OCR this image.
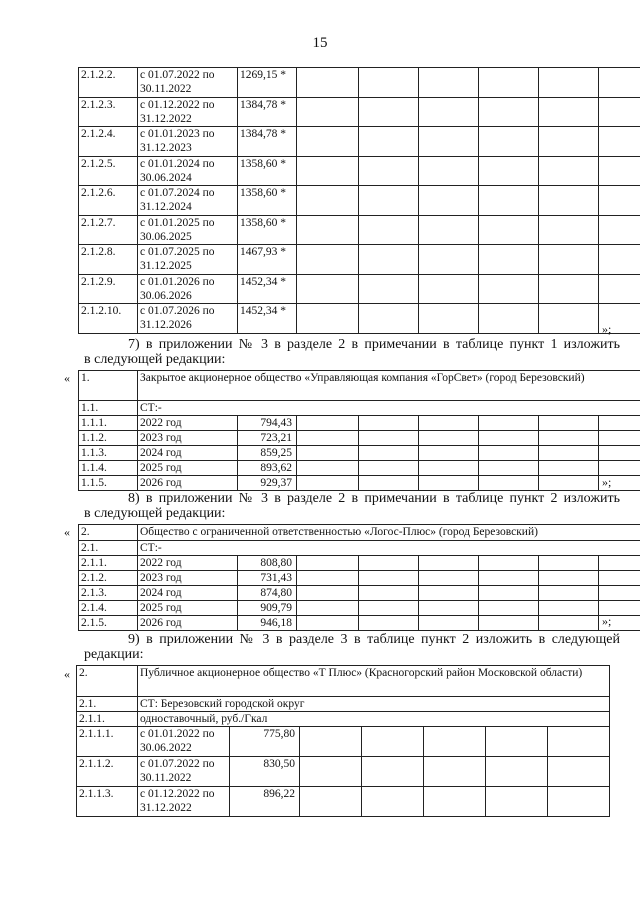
15
2.1.2.2.	с 01.07.2022 по 30.11.2022	1269,15 *						
2.1.2.3.	с 01.12.2022 по 31.12.2022	1384,78 *						
2.1.2.4.	с 01.01.2023 по 31.12.2023	1384,78 *						
2.1.2.5.	с 01.01.2024 по 30.06.2024	1358,60 *						
2.1.2.6.	с 01.07.2024 по 31.12.2024	1358,60 *						
2.1.2.7.	с 01.01.2025 по 30.06.2025	1358,60 *						
2.1.2.8.	с 01.07.2025 по 31.12.2025	1467,93 *						
2.1.2.9.	с 01.01.2026 по 30.06.2026	1452,34 *						
2.1.2.10.	с 01.07.2026 по 31.12.2026	1452,34 *						
»;
7) в приложении № 3 в разделе 2 в примечании в таблице пункт 1 изложить
в следующей редакции:
« 1.	Закрытое акционерное общество «Управляющая компания «ГорСвет» (город Березовский)							
1.1.	СТ:-							
1.1.1.	2022 год	794,43						
1.1.2.	2023 год	723,21						
1.1.3.	2024 год	859,25						
1.1.4.	2025 год	893,62						
1.1.5.	2026 год	929,37							»;
8) в приложении № 3 в разделе 2 в примечании в таблице пункт 2 изложить
в следующей редакции:
« 2.	Общество с ограниченной ответственностью «Логос-Плюс» (город Березовский)							
2.1.	СТ:-							
2.1.1.	2022 год	808,80						
2.1.2.	2023 год	731,43						
2.1.3.	2024 год	874,80						
2.1.4.	2025 год	909,79						
2.1.5.	2026 год	946,18							»;
9) в приложении № 3 в разделе 3 в таблице пункт 2 изложить в следующей
редакции:
« 2.	Публичное акционерное общество «Т Плюс» (Красногорский район Московской области)						
2.1.	СТ: Березовский городской округ						
2.1.1.	одноставочный, руб./Гкал						
2.1.1.1.	с 01.01.2022 по 30.06.2022	775,80					
2.1.1.2.	с 01.07.2022 по 30.11.2022	830,50					
2.1.1.3.	с 01.12.2022 по 31.12.2022	896,22					
